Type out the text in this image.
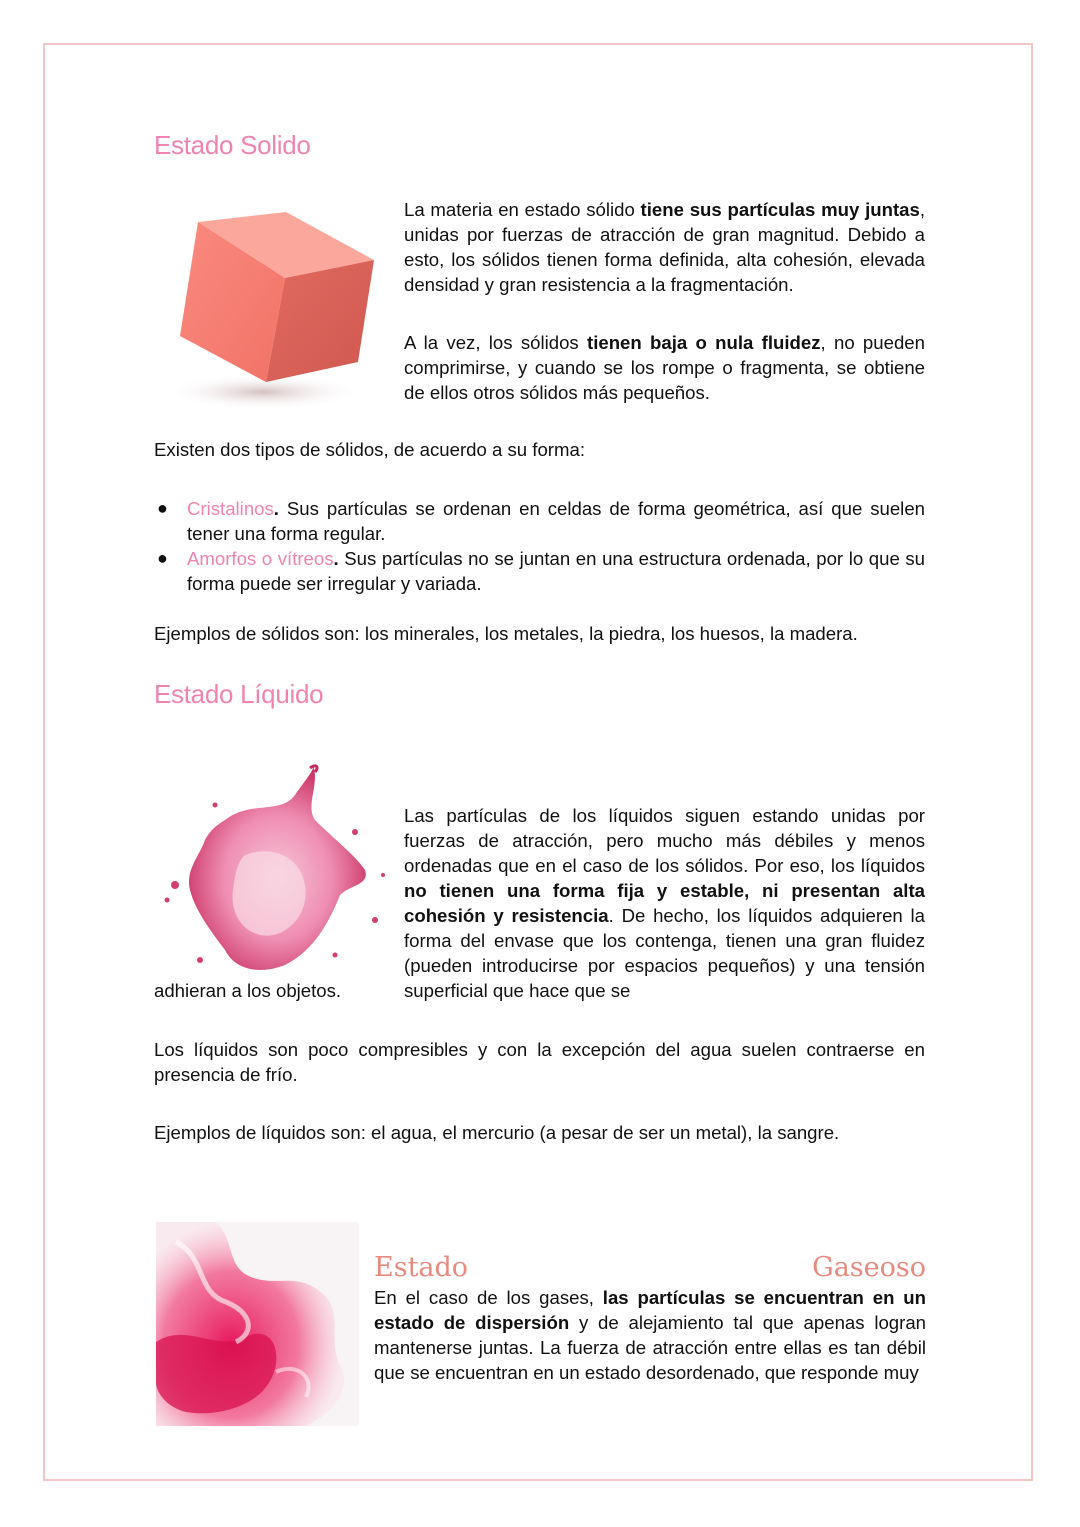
Estado Solido

La materia en estado sólido tiene sus partículas muy juntas, unidas por fuerzas de atracción de gran magnitud. Debido a esto, los sólidos tienen forma definida, alta cohesión, elevada densidad y gran resistencia a la fragmentación.

A la vez, los sólidos tienen baja o nula fluidez, no pueden comprimirse, y cuando se los rompe o fragmenta, se obtiene de ellos otros sólidos más pequeños.

Existen dos tipos de sólidos, de acuerdo a su forma:

● Cristalinos. Sus partículas se ordenan en celdas de forma geométrica, así que suelen tener una forma regular.

● Amorfos o vítreos. Sus partículas no se juntan en una estructura ordenada, por lo que su forma puede ser irregular y variada.

Ejemplos de sólidos son: los minerales, los metales, la piedra, los huesos, la madera.

Estado Líquido

Las partículas de los líquidos siguen estando unidas por fuerzas de atracción, pero mucho más débiles y menos ordenadas que en el caso de los sólidos. Por eso, los líquidos no tienen una forma fija y estable, ni presentan alta cohesión y resistencia. De hecho, los líquidos adquieren la forma del envase que los contenga, tienen una gran fluidez (pueden introducirse por espacios pequeños) y una tensión superficial que hace que se

adhieran a los objetos.

Los líquidos son poco compresibles y con la excepción del agua suelen contraerse en presencia de frío.

Ejemplos de líquidos son: el agua, el mercurio (a pesar de ser un metal), la sangre.

Estado	Gaseoso

En el caso de los gases, las partículas se encuentran en un estado de dispersión y de alejamiento tal que apenas logran mantenerse juntas. La fuerza de atracción entre ellas es tan débil que se encuentran en un estado desordenado, que responde muy
